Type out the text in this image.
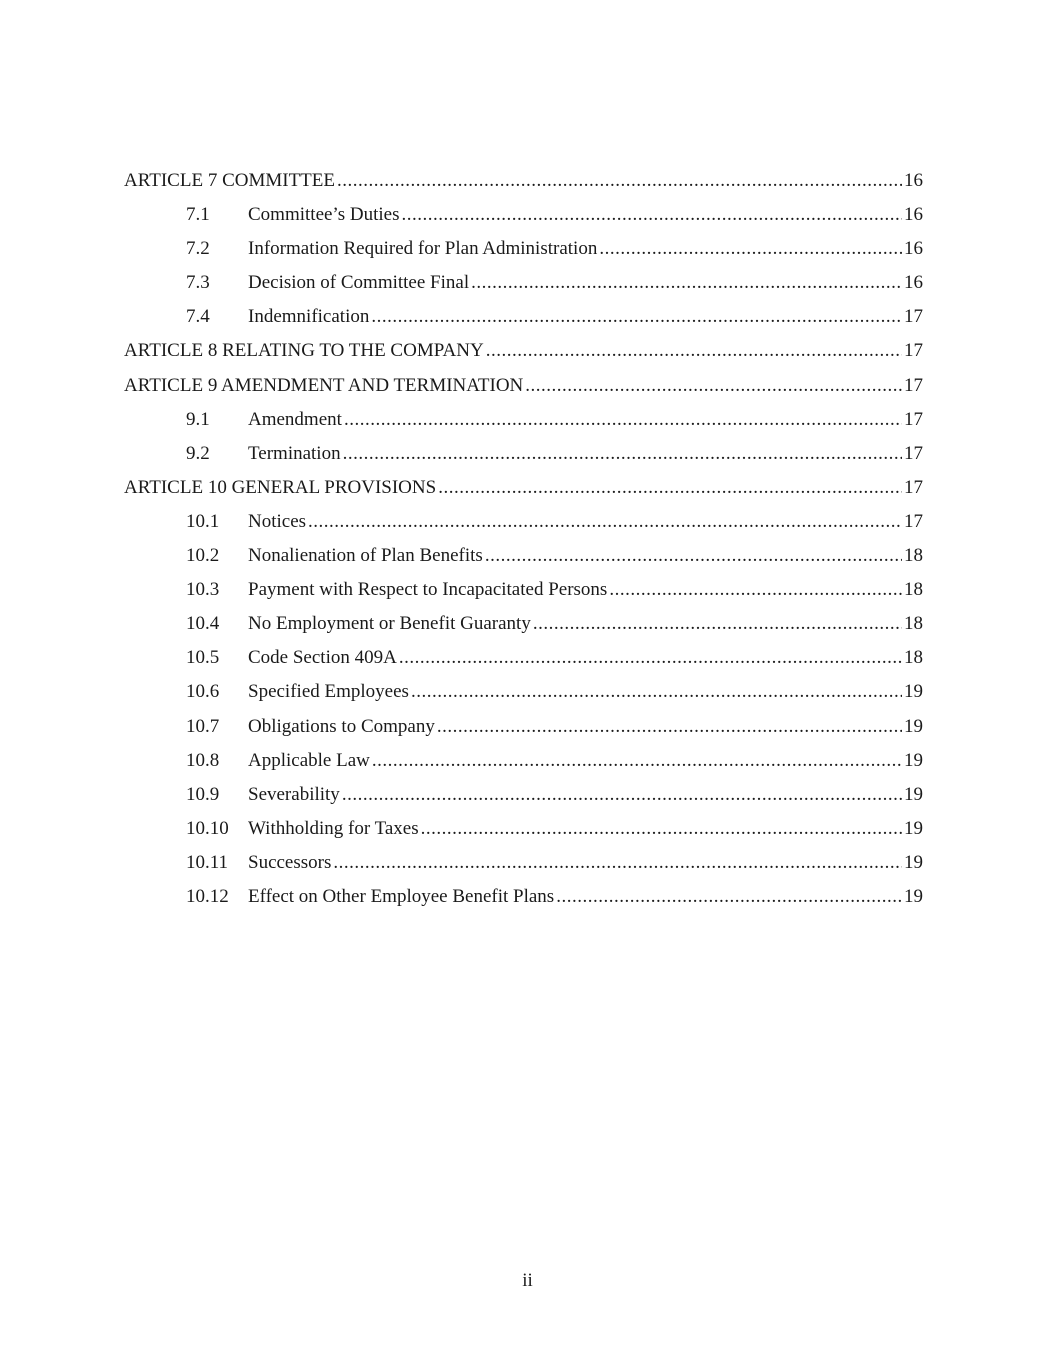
ARTICLE 7 COMMITTEE .....	16
7.1	Committee’s Duties .....	16
7.2	Information Required for Plan Administration .....	16
7.3	Decision of Committee Final .....	16
7.4	Indemnification .....	17
ARTICLE 8 RELATING TO THE COMPANY .....	17
ARTICLE 9 AMENDMENT AND TERMINATION .....	17
9.1	Amendment .....	17
9.2	Termination .....	17
ARTICLE 10 GENERAL PROVISIONS .....	17
10.1	Notices .....	17
10.2	Nonalienation of Plan Benefits .....	18
10.3	Payment with Respect to Incapacitated Persons .....	18
10.4	No Employment or Benefit Guaranty .....	18
10.5	Code Section 409A .....	18
10.6	Specified Employees .....	19
10.7	Obligations to Company .....	19
10.8	Applicable Law .....	19
10.9	Severability .....	19
10.10	Withholding for Taxes .....	19
10.11	Successors .....	19
10.12	Effect on Other Employee Benefit Plans .....	19
ii
